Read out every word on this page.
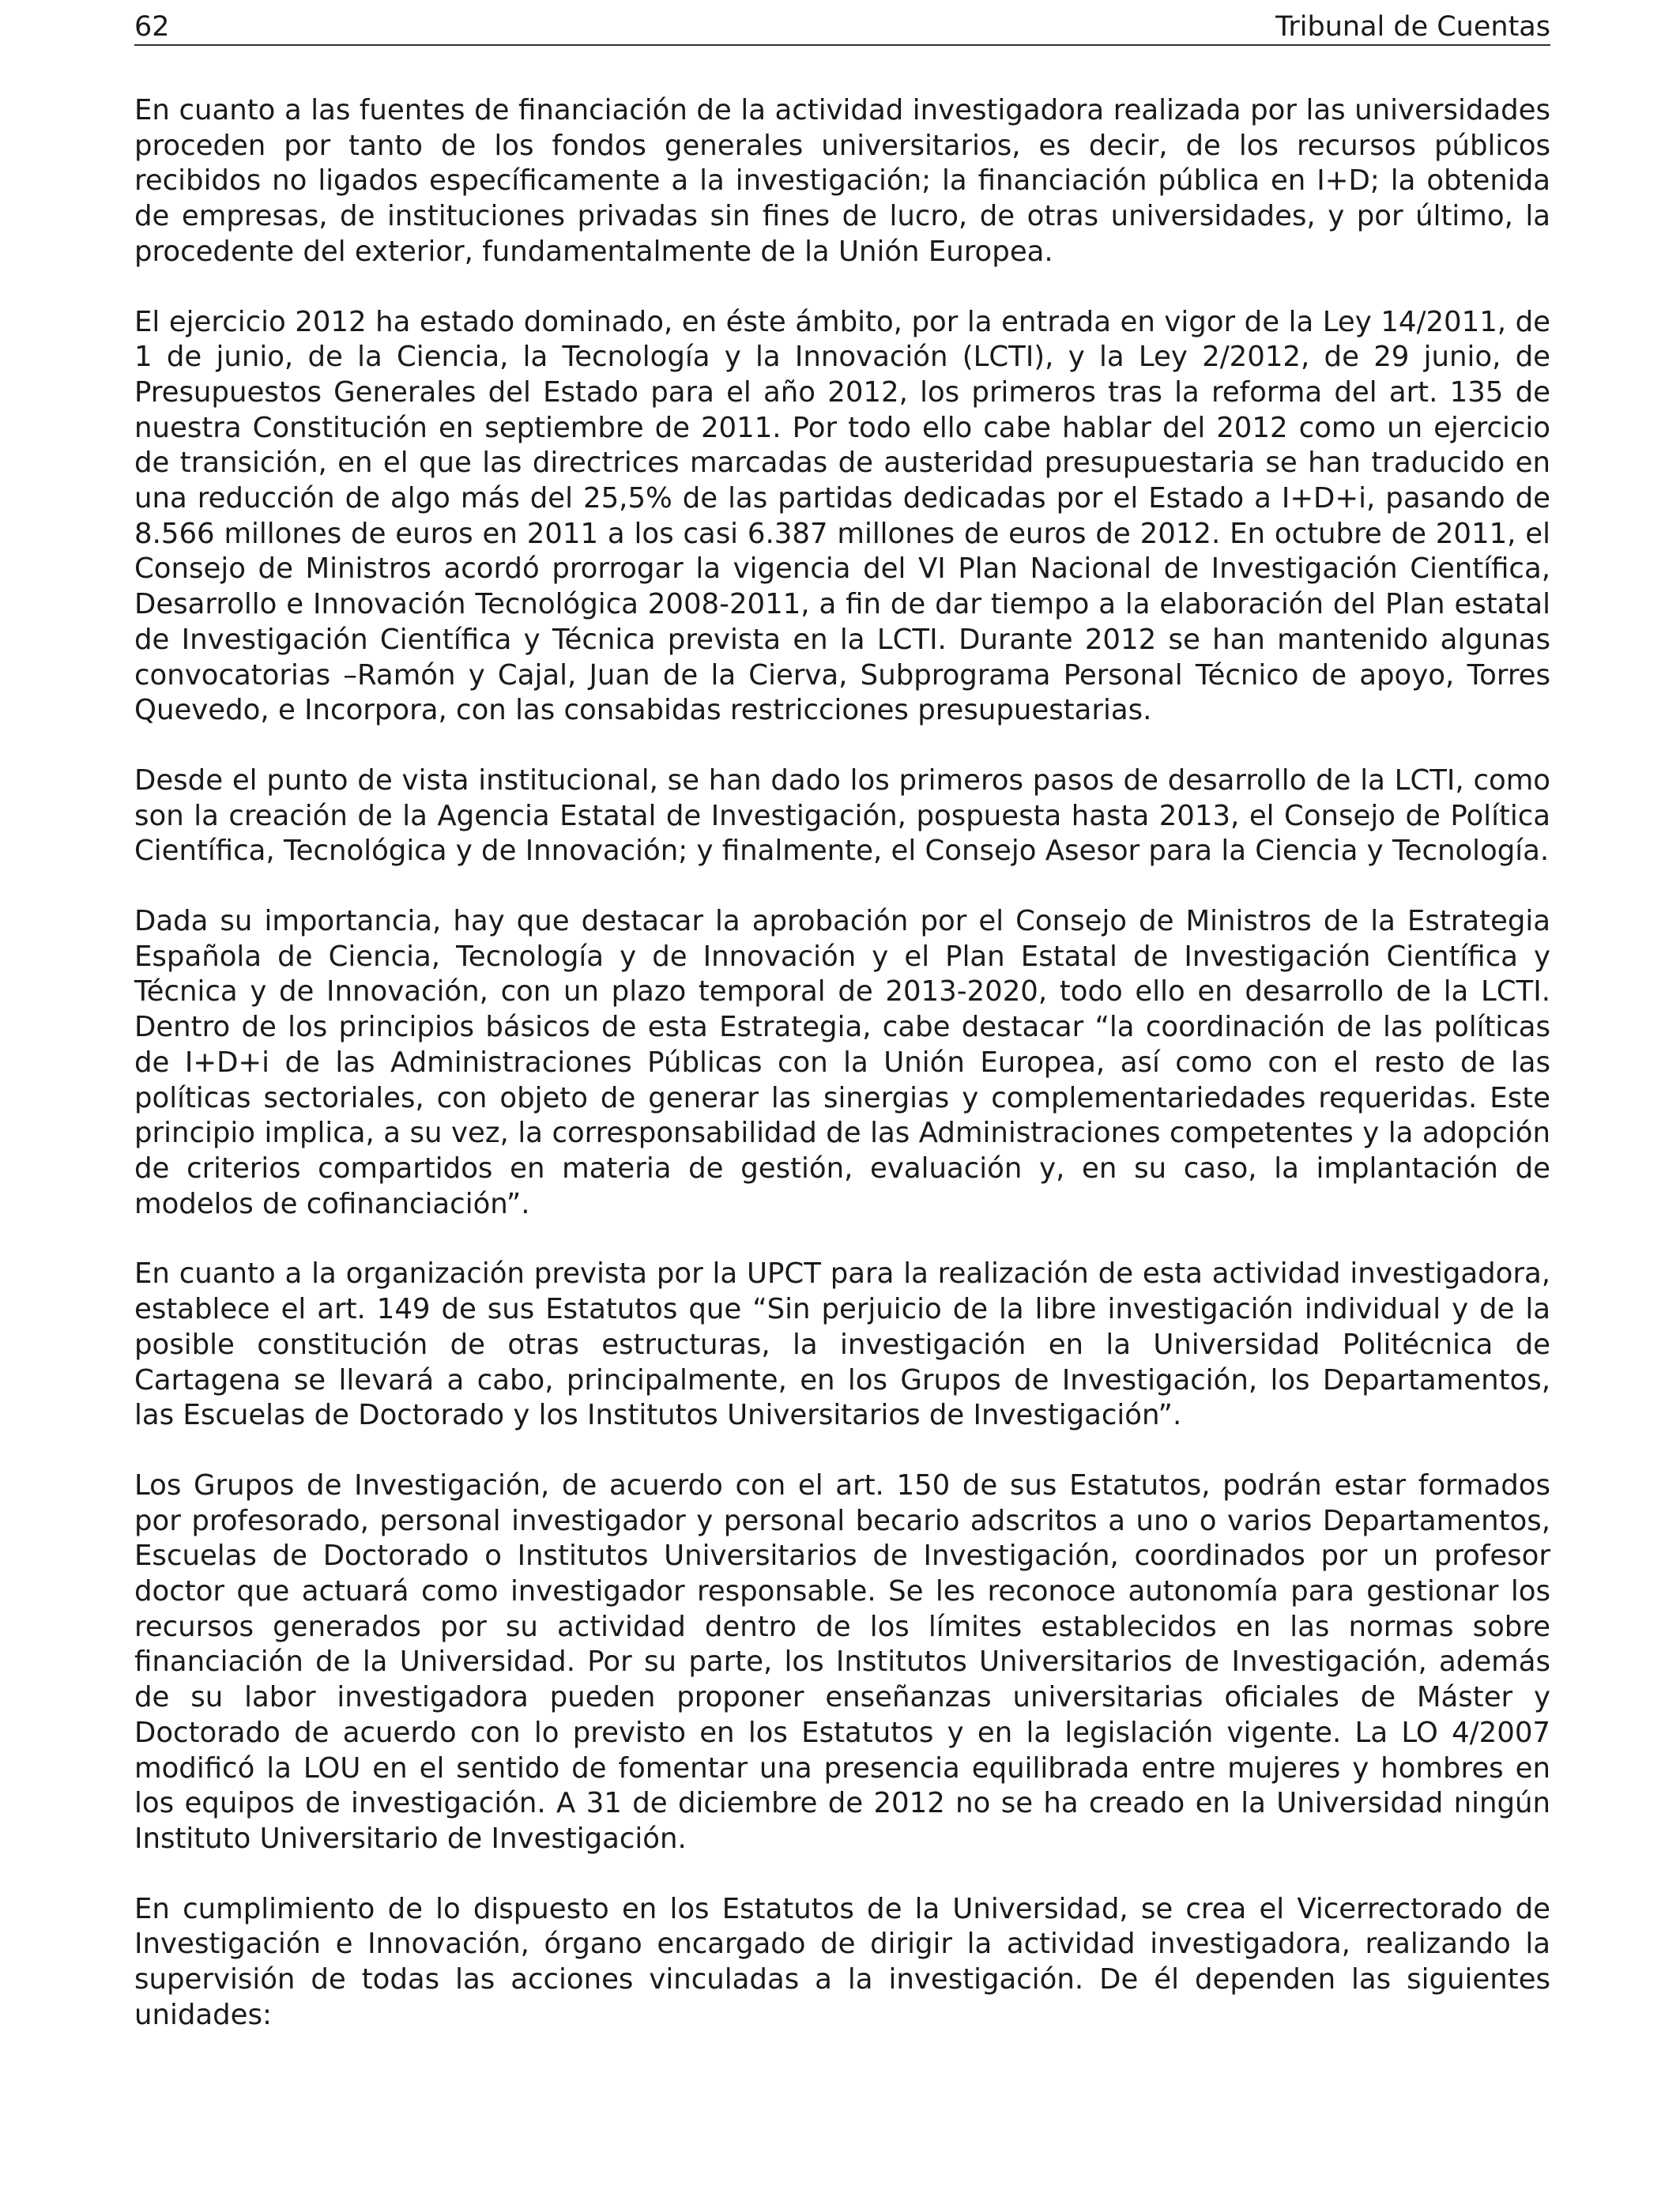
62	Tribunal de Cuentas

En cuanto a las fuentes de financiación de la actividad investigadora realizada por las universidades proceden por tanto de los fondos generales universitarios, es decir, de los recursos públicos recibidos no ligados específicamente a la investigación; la financiación pública en I+D; la obtenida de empresas, de instituciones privadas sin fines de lucro, de otras universidades, y por último, la procedente del exterior, fundamentalmente de la Unión Europea.

El ejercicio 2012 ha estado dominado, en éste ámbito, por la entrada en vigor de la Ley 14/2011, de 1 de junio, de la Ciencia, la Tecnología y la Innovación (LCTI), y la Ley 2/2012, de 29 junio, de Presupuestos Generales del Estado para el año 2012, los primeros tras la reforma del art. 135 de nuestra Constitución en septiembre de 2011. Por todo ello cabe hablar del 2012 como un ejercicio de transición, en el que las directrices marcadas de austeridad presupuestaria se han traducido en una reducción de algo más del 25,5% de las partidas dedicadas por el Estado a I+D+i, pasando de 8.566 millones de euros en 2011 a los casi 6.387 millones de euros de 2012. En octubre de 2011, el Consejo de Ministros acordó prorrogar la vigencia del VI Plan Nacional de Investigación Científica, Desarrollo e Innovación Tecnológica 2008-2011, a fin de dar tiempo a la elaboración del Plan estatal de Investigación Científica y Técnica prevista en la LCTI. Durante 2012 se han mantenido algunas convocatorias –Ramón y Cajal, Juan de la Cierva, Subprograma Personal Técnico de apoyo, Torres Quevedo, e Incorpora, con las consabidas restricciones presupuestarias.

Desde el punto de vista institucional, se han dado los primeros pasos de desarrollo de la LCTI, como son la creación de la Agencia Estatal de Investigación, pospuesta hasta 2013, el Consejo de Política Científica, Tecnológica y de Innovación; y finalmente, el Consejo Asesor para la Ciencia y Tecnología.

Dada su importancia, hay que destacar la aprobación por el Consejo de Ministros de la Estrategia Española de Ciencia, Tecnología y de Innovación y el Plan Estatal de Investigación Científica y Técnica y de Innovación, con un plazo temporal de 2013-2020, todo ello en desarrollo de la LCTI. Dentro de los principios básicos de esta Estrategia, cabe destacar “la coordinación de las políticas de I+D+i de las Administraciones Públicas con la Unión Europea, así como con el resto de las políticas sectoriales, con objeto de generar las sinergias y complementariedades requeridas. Este principio implica, a su vez, la corresponsabilidad de las Administraciones competentes y la adopción de criterios compartidos en materia de gestión, evaluación y, en su caso, la implantación de modelos de cofinanciación”.

En cuanto a la organización prevista por la UPCT para la realización de esta actividad investigadora, establece el art. 149 de sus Estatutos que “Sin perjuicio de la libre investigación individual y de la posible constitución de otras estructuras, la investigación en la Universidad Politécnica de Cartagena se llevará a cabo, principalmente, en los Grupos de Investigación, los Departamentos, las Escuelas de Doctorado y los Institutos Universitarios de Investigación”.

Los Grupos de Investigación, de acuerdo con el art. 150 de sus Estatutos, podrán estar formados por profesorado, personal investigador y personal becario adscritos a uno o varios Departamentos, Escuelas de Doctorado o Institutos Universitarios de Investigación, coordinados por un profesor doctor que actuará como investigador responsable. Se les reconoce autonomía para gestionar los recursos generados por su actividad dentro de los límites establecidos en las normas sobre financiación de la Universidad. Por su parte, los Institutos Universitarios de Investigación, además de su labor investigadora pueden proponer enseñanzas universitarias oficiales de Máster y Doctorado de acuerdo con lo previsto en los Estatutos y en la legislación vigente. La LO 4/2007 modificó la LOU en el sentido de fomentar una presencia equilibrada entre mujeres y hombres en los equipos de investigación. A 31 de diciembre de 2012 no se ha creado en la Universidad ningún Instituto Universitario de Investigación.

En cumplimiento de lo dispuesto en los Estatutos de la Universidad, se crea el Vicerrectorado de Investigación e Innovación, órgano encargado de dirigir la actividad investigadora, realizando la supervisión de todas las acciones vinculadas a la investigación. De él dependen las siguientes unidades:
